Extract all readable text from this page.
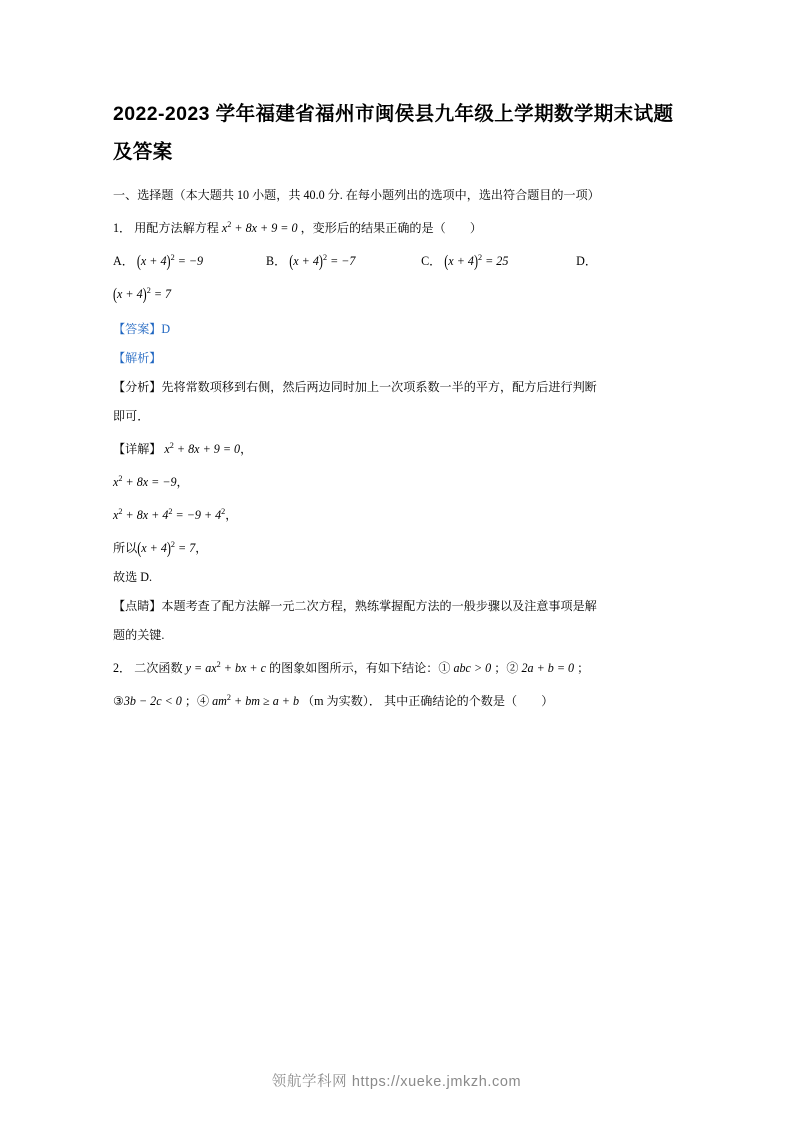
2022-2023 学年福建省福州市闽侯县九年级上学期数学期末试题及答案

一、选择题（本大题共 10 小题，共 40.0 分. 在每小题列出的选项中，选出符合题目的一项）

1． 用配方法解方程 $x^2 + 8x + 9 = 0$ ，变形后的结果正确的是（　　）

A． $(x + 4)^2 = -9$	B． $(x + 4)^2 = -7$	C． $(x + 4)^2 = 25$	D．

$(x + 4)^2 = 7$

【答案】D

【解析】

【分析】先将常数项移到右侧，然后两边同时加上一次项系数一半的平方，配方后进行判断

即可．

【详解】 $x^2 + 8x + 9 = 0$，

$x^2 + 8x = -9$，

$x^2 + 8x + 4^2 = -9 + 4^2$，

所以$(x + 4)^2 = 7$，

故选 D.

【点睛】本题考查了配方法解一元二次方程，熟练掌握配方法的一般步骤以及注意事项是解

题的关键.

2． 二次函数 $y = ax^2$ + bx + c 的图象如图所示，有如下结论：① abc > 0 ；② 2a + b = 0 ；

③3b − 2c < 0 ；④ $am^2$ + bm ≥ a + b （m 为实数）． 其中正确结论的个数是（　　）

领航学科网 https://xueke.jmkzh.com
